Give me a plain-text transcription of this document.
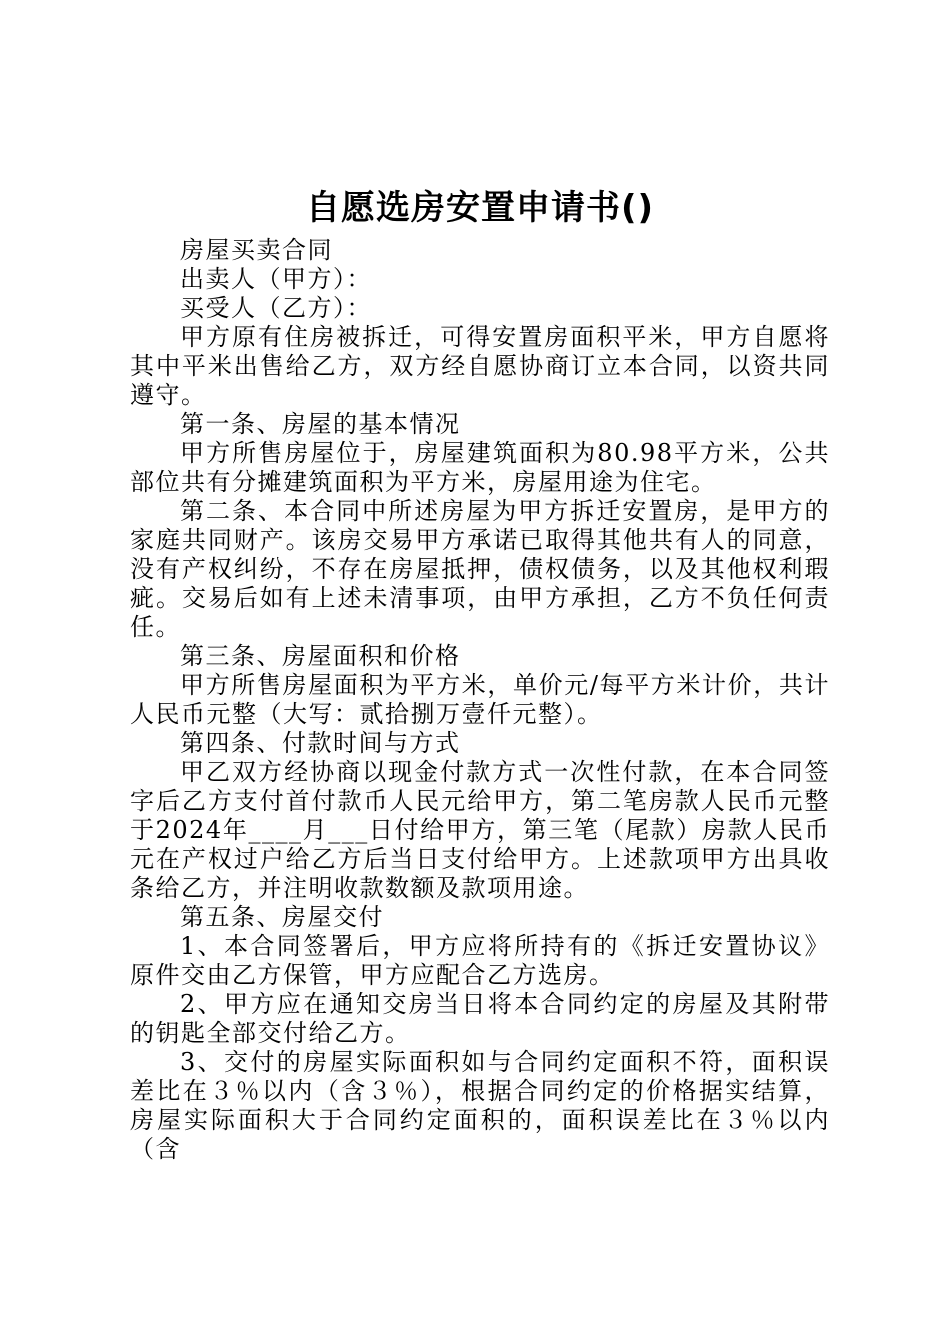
自愿选房安置申请书()

房屋买卖合同

出卖人（甲方）：

买受人（乙方）：

甲方原有住房被拆迁，可得安置房面积平米，甲方自愿将其中平米出售给乙方，双方经自愿协商订立本合同，以资共同遵守。

第一条、房屋的基本情况

甲方所售房屋位于，房屋建筑面积为80.98平方米，公共部位共有分摊建筑面积为平方米，房屋用途为住宅。

第二条、本合同中所述房屋为甲方拆迁安置房，是甲方的家庭共同财产。该房交易甲方承诺已取得其他共有人的同意，没有产权纠纷，不存在房屋抵押，债权债务，以及其他权利瑕疵。交易后如有上述未清事项，由甲方承担，乙方不负任何责任。

第三条、房屋面积和价格

甲方所售房屋面积为平方米，单价元/每平方米计价，共计人民币元整（大写：贰拾捌万壹仟元整）。

第四条、付款时间与方式

甲乙双方经协商以现金付款方式一次性付款，在本合同签字后乙方支付首付款币人民元给甲方，第二笔房款人民币元整于2024年____月___日付给甲方，第三笔（尾款）房款人民币元在产权过户给乙方后当日支付给甲方。上述款项甲方出具收条给乙方，并注明收款数额及款项用途。

第五条、房屋交付

1、本合同签署后，甲方应将所持有的《拆迁安置协议》原件交由乙方保管，甲方应配合乙方选房。

2、甲方应在通知交房当日将本合同约定的房屋及其附带的钥匙全部交付给乙方。

3、交付的房屋实际面积如与合同约定面积不符，面积误差比在３％以内（含３％），根据合同约定的价格据实结算，房屋实际面积大于合同约定面积的，面积误差比在３％以内（含
